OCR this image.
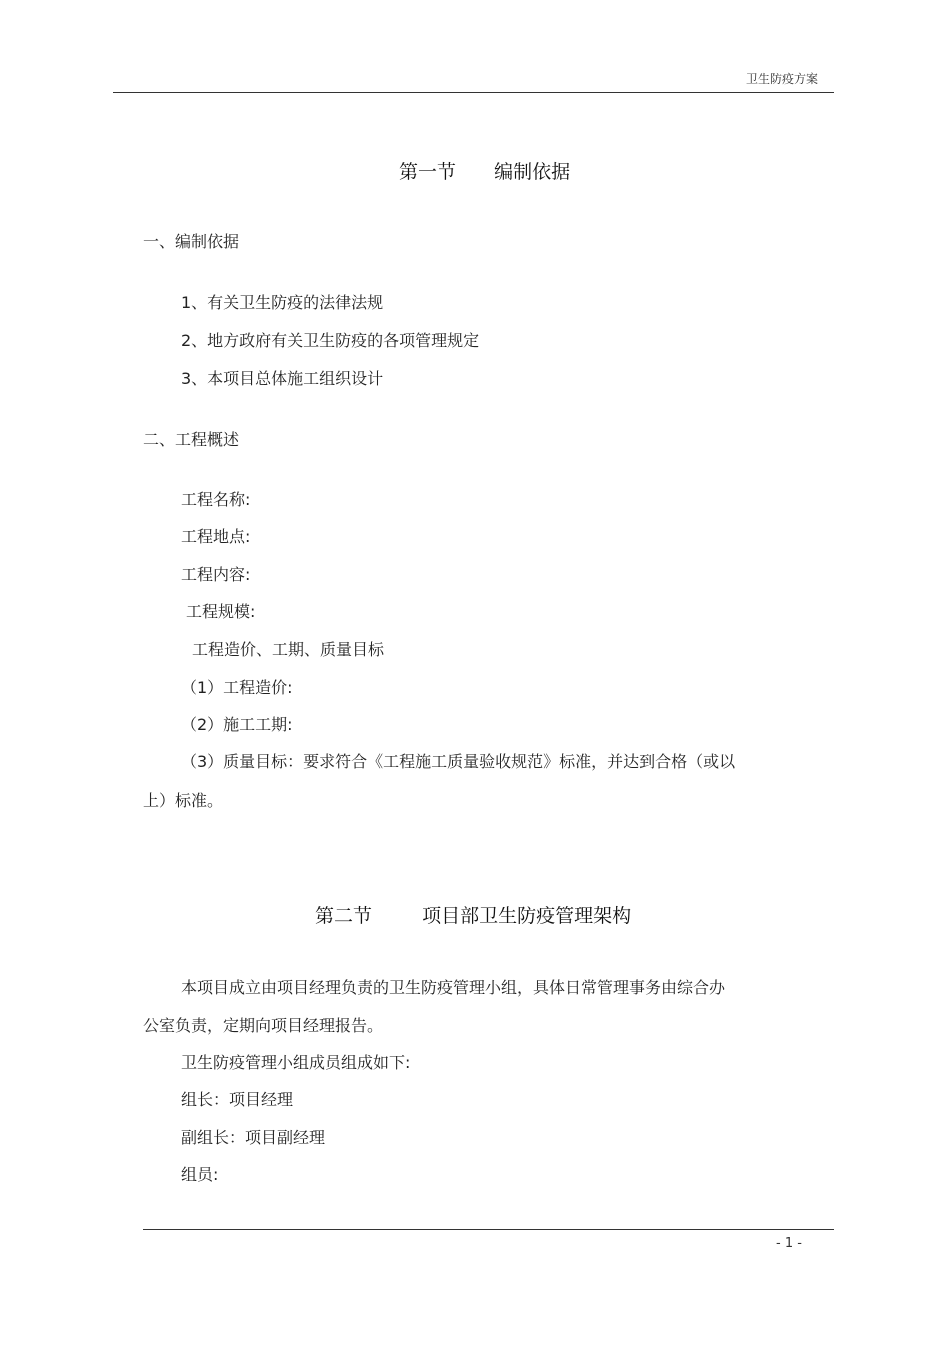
卫生防疫方案
第一节 编制依据
一、编制依据
1、有关卫生防疫的法律法规
2、地方政府有关卫生防疫的各项管理规定
3、本项目总体施工组织设计
二、工程概述
工程名称:
工程地点:
工程内容:
工程规模:
工程造价、工期、质量目标
（1）工程造价:
（2）施工工期:
（3）质量目标：要求符合《工程施工质量验收规范》标准，并达到合格（或以
上）标准。
第二节	项目部卫生防疫管理架构
本项目成立由项目经理负责的卫生防疫管理小组，具体日常管理事务由综合办
公室负责，定期向项目经理报告。
卫生防疫管理小组成员组成如下:
组长：项目经理
副组长：项目副经理
组员:
- 1 -
